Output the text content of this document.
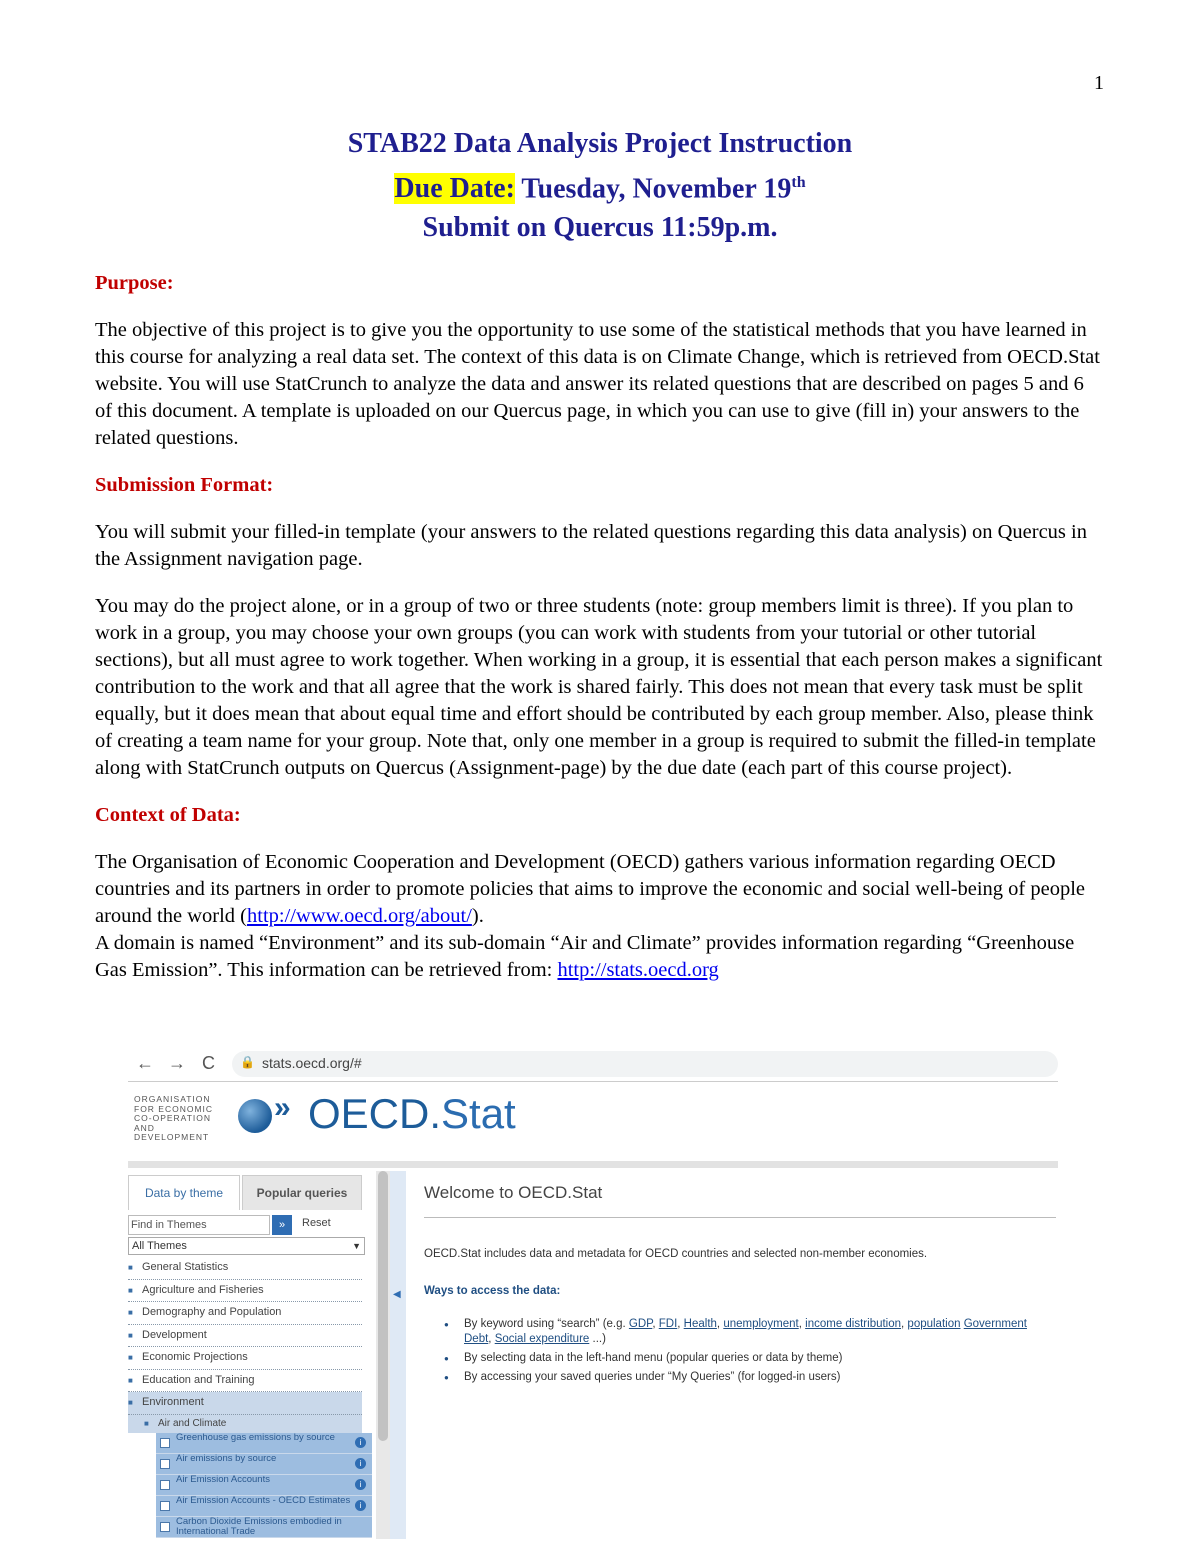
1
STAB22 Data Analysis Project Instruction
Due Date: Tuesday, November 19th
Submit on Quercus 11:59p.m.
Purpose:
The objective of this project is to give you the opportunity to use some of the statistical methods that you have learned in this course for analyzing a real data set. The context of this data is on Climate Change, which is retrieved from OECD.Stat website. You will use StatCrunch to analyze the data and answer its related questions that are described on pages 5 and 6 of this document. A template is uploaded on our Quercus page, in which you can use to give (fill in) your answers to the related questions.
Submission Format:
You will submit your filled-in template (your answers to the related questions regarding this data analysis) on Quercus in the Assignment navigation page.
You may do the project alone, or in a group of two or three students (note: group members limit is three). If you plan to work in a group, you may choose your own groups (you can work with students from your tutorial or other tutorial sections), but all must agree to work together. When working in a group, it is essential that each person makes a significant contribution to the work and that all agree that the work is shared fairly. This does not mean that every task must be split equally, but it does mean that about equal time and effort should be contributed by each group member. Also, please think of creating a team name for your group. Note that, only one member in a group is required to submit the filled-in template along with StatCrunch outputs on Quercus (Assignment-page) by the due date (each part of this course project).
Context of Data:
The Organisation of Economic Cooperation and Development (OECD) gathers various information regarding OECD countries and its partners in order to promote policies that aims to improve the economic and social well-being of people around the world (http://www.oecd.org/about/).
A domain is named “Environment” and its sub-domain “Air and Climate” provides information regarding “Greenhouse Gas Emission”. This information can be retrieved from: http://stats.oecd.org
← → C 🔒 stats.oecd.org/#
ORGANISATION FOR ECONOMIC CO-OPERATION AND DEVELOPMENT
» OECD.Stat
Data by theme	Popular queries
Find in Themes	»	Reset
All Themes	▼
■ General Statistics
■ Agriculture and Fisheries
■ Demography and Population
■ Development
■ Economic Projections
■ Education and Training
■ Environment
■ Air and Climate
Greenhouse gas emissions by source	i
Air emissions by source	i
Air Emission Accounts	i
Air Emission Accounts - OECD Estimates	i
Carbon Dioxide Emissions embodied in International Trade
◀
Welcome to OECD.Stat
OECD.Stat includes data and metadata for OECD countries and selected non-member economies.
Ways to access the data:
● By keyword using “search” (e.g. GDP, FDI, Health, unemployment, income distribution, population Government Debt, Social expenditure ...)
● By selecting data in the left-hand menu (popular queries or data by theme)
● By accessing your saved queries under “My Queries” (for logged-in users)
